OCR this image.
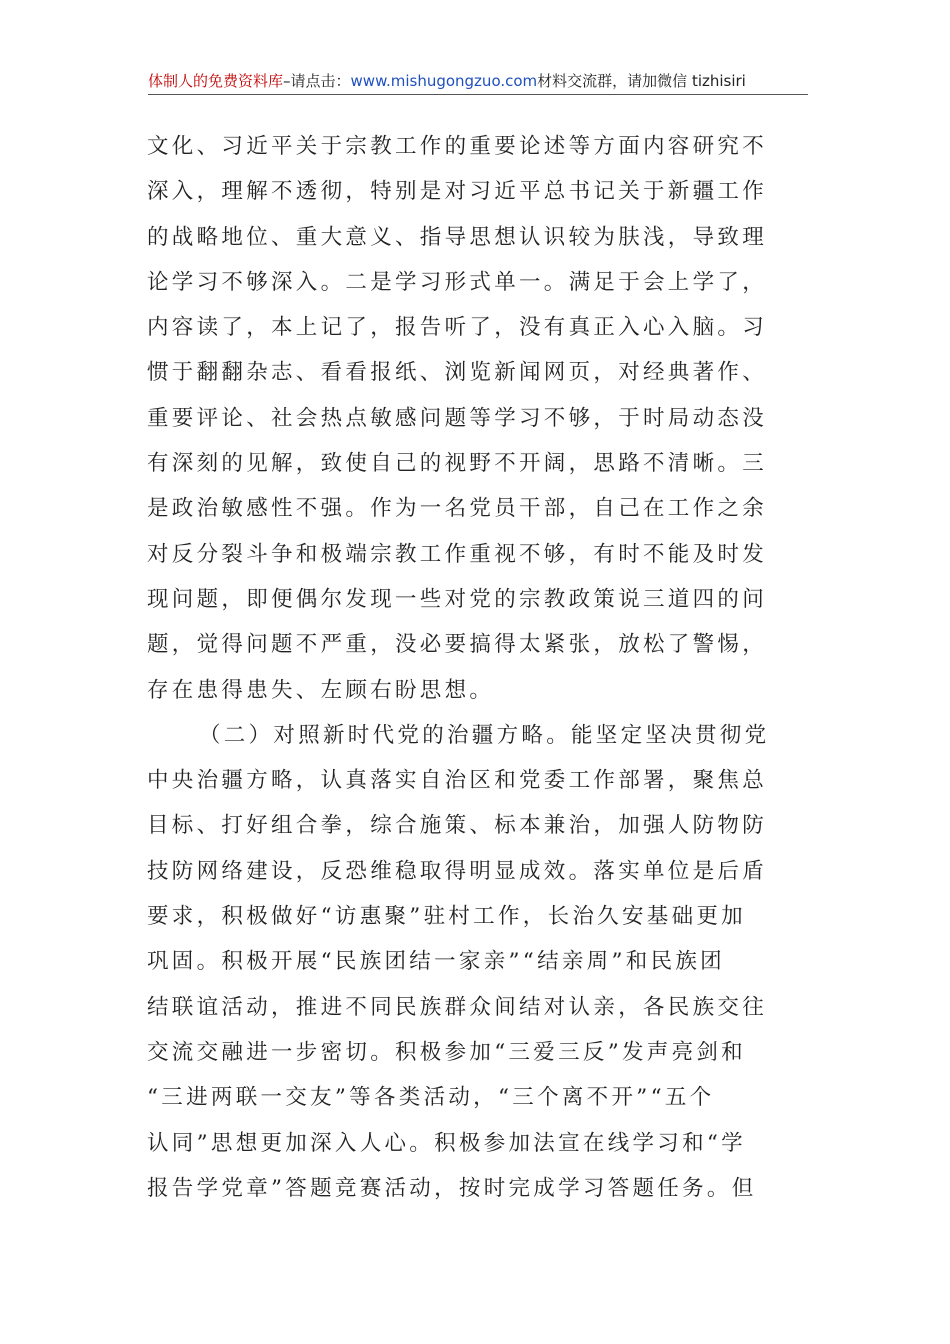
体制人的免费资料库–请点击：www.mishugongzuo.com材料交流群，请加微信 tizhisiri
文化、习近平关于宗教工作的重要论述等方面内容研究不
深入，理解不透彻，特别是对习近平总书记关于新疆工作
的战略地位、重大意义、指导思想认识较为肤浅，导致理
论学习不够深入。二是学习形式单一。满足于会上学了，
内容读了，本上记了，报告听了，没有真正入心入脑。习
惯于翻翻杂志、看看报纸、浏览新闻网页，对经典著作、
重要评论、社会热点敏感问题等学习不够，于时局动态没
有深刻的见解，致使自己的视野不开阔，思路不清晰。三
是政治敏感性不强。作为一名党员干部，自己在工作之余
对反分裂斗争和极端宗教工作重视不够，有时不能及时发
现问题，即便偶尔发现一些对党的宗教政策说三道四的问
题，觉得问题不严重，没必要搞得太紧张，放松了警惕，
存在患得患失、左顾右盼思想。
（二）对照新时代党的治疆方略。能坚定坚决贯彻党
中央治疆方略，认真落实自治区和党委工作部署，聚焦总
目标、打好组合拳，综合施策、标本兼治，加强人防物防
技防网络建设，反恐维稳取得明显成效。落实单位是后盾
要求，积极做好“访惠聚”驻村工作，长治久安基础更加
巩固。积极开展“民族团结一家亲”“结亲周”和民族团
结联谊活动，推进不同民族群众间结对认亲，各民族交往
交流交融进一步密切。积极参加“三爱三反”发声亮剑和
“三进两联一交友”等各类活动，“三个离不开”“五个
认同”思想更加深入人心。积极参加法宣在线学习和“学
报告学党章”答题竞赛活动，按时完成学习答题任务。但
